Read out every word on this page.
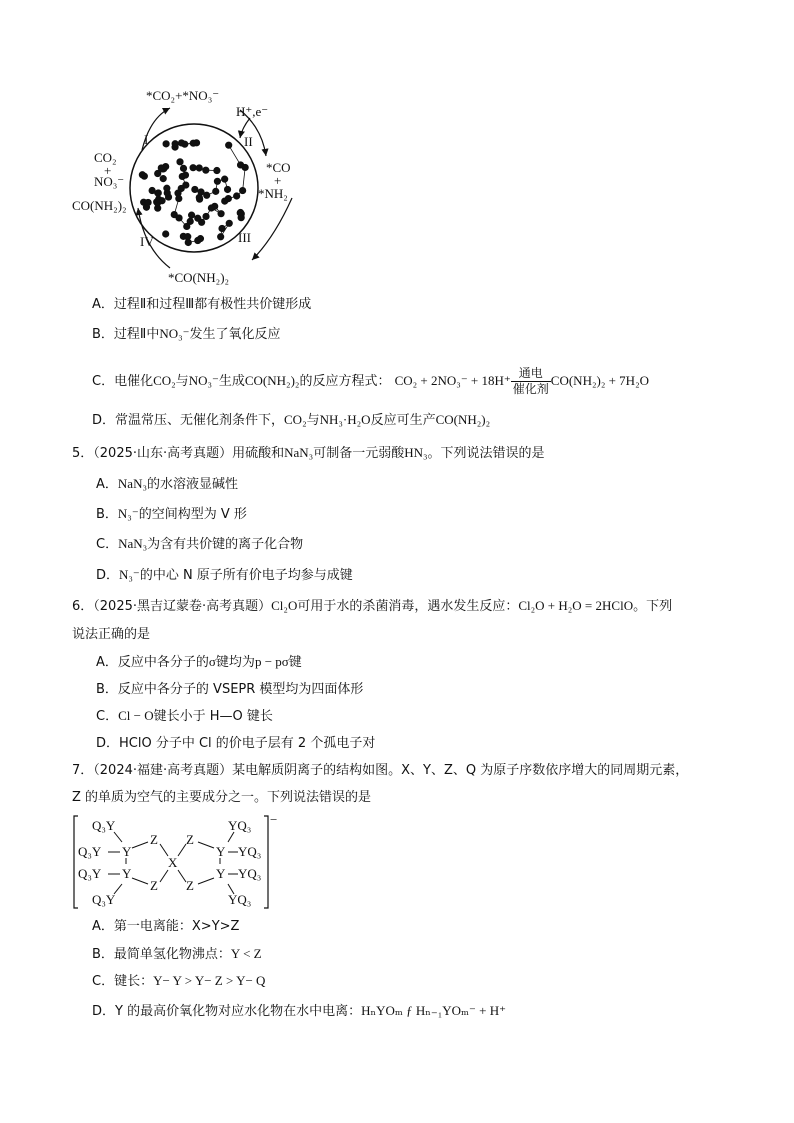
*CO₂+*NO₃⁻
H⁺,e⁻
I	II
III
IV
CO₂
+
NO₃⁻
CO(NH₂)₂
*CO
+
*NH₂
*CO(NH₂)₂
A．过程Ⅱ和过程Ⅲ都有极性共价键形成
B．过程Ⅱ中NO₃⁻发生了氧化反应
C．电催化CO₂与NO₃⁻生成CO(NH₂)₂的反应方程式： CO₂ + 2NO₃⁻ + 18H⁺ 通电
催化剂
CO(NH₂)₂ + 7H₂O
D．常温常压、无催化剂条件下，CO₂与NH₃·H₂O反应可生产CO(NH₂)₂
5．（2025·山东·高考真题）用硫酸和NaN₃可制备一元弱酸HN₃。下列说法错误的是
A．NaN₃的水溶液显碱性
B．N₃⁻的空间构型为 V 形
C．NaN₃为含有共价键的离子化合物
D．N₃⁻的中心 N 原子所有价电子均参与成键
6．（2025·黑吉辽蒙卷·高考真题）Cl₂O可用于水的杀菌消毒，遇水发生反应：Cl₂O + H₂O = 2HClO。下列
说法正确的是
A．反应中各分子的σ键均为p − pσ键
B．反应中各分子的 VSEPR 模型均为四面体形
C．Cl − O键长小于 H—O 键长
D．HClO 分子中 Cl 的价电子层有 2 个孤电子对
7．（2024·福建·高考真题）某电解质阴离子的结构如图。X、Y、Z、Q 为原子序数依序增大的同周期元素，
Z 的单质为空气的主要成分之一。下列说法错误的是
−
Q₃Y
Q₃Y
Q₃Y
Q₃Y
Y
Y
Z
Z
X
Z
Z
Y
Y
YQ₃
YQ₃
YQ₃
YQ₃
A．第一电离能：X>Y>Z
B．最简单氢化物沸点：Y < Z
C．键长：Y− Y > Y− Z > Y− Q
D．Y 的最高价氧化物对应水化物在水中电离：HₙYOₘ ƒ Hₙ₋₁YOₘ⁻ + H⁺
